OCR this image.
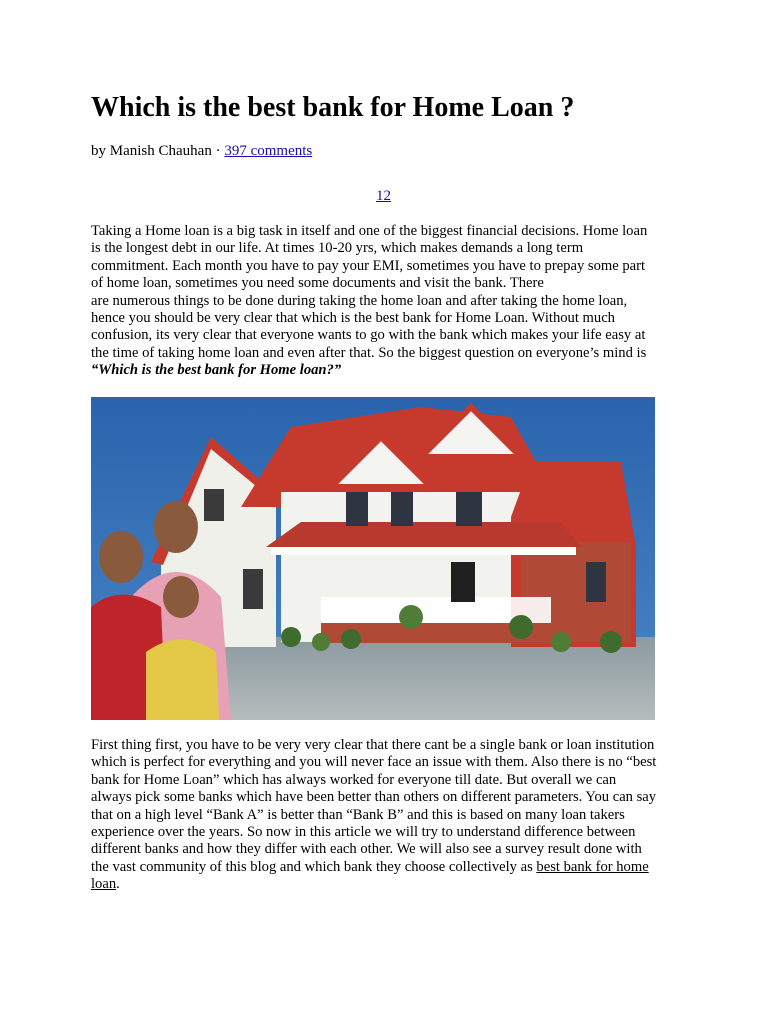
Which is the best bank for Home Loan ?
by Manish Chauhan · 397 comments
12
Taking a Home loan is a big task in itself and one of the biggest financial decisions. Home loan
is the longest debt in our life. At times 10-20 yrs, which makes demands a long term
commitment. Each month you have to pay your EMI, sometimes you have to prepay some part
of home loan, sometimes you need some documents and visit the bank. There
are numerous things to be done during taking the home loan and after taking the home loan,
hence you should be very clear that which is the best bank for Home Loan. Without much
confusion, its very clear that everyone wants to go with the bank which makes your life easy at
the time of taking home loan and even after that. So the biggest question on everyone’s mind is
“Which is the best bank for Home loan?”
First thing first, you have to be very very clear that there cant be a single bank or loan institution
which is perfect for everything and you will never face an issue with them. Also there is no “best
bank for Home Loan” which has always worked for everyone till date. But overall we can
always pick some banks which have been better than others on different parameters. You can say
that on a high level “Bank A” is better than “Bank B” and this is based on many loan takers
experience over the years. So now in this article we will try to understand difference between
different banks and how they differ with each other. We will also see a survey result done with
the vast community of this blog and which bank they choose collectively as best bank for home
loan.
